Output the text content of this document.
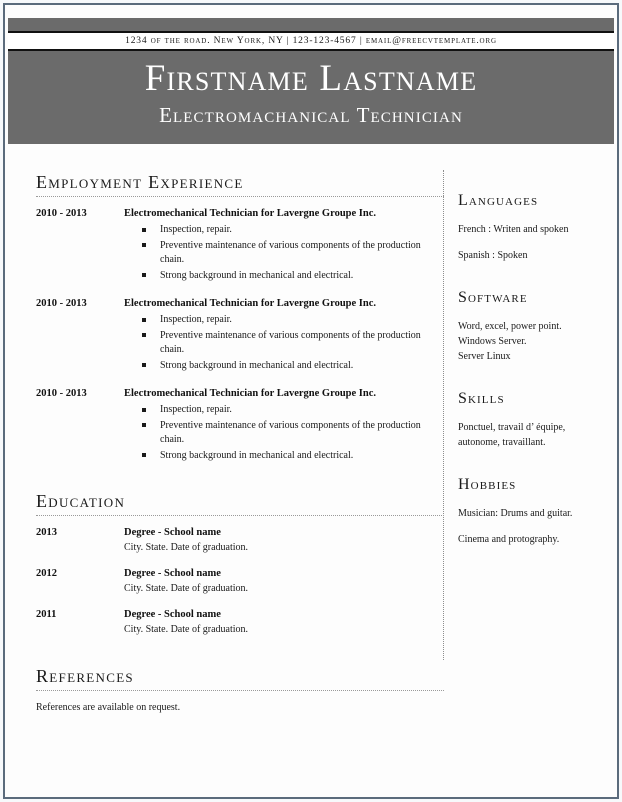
1234 of the road. New York, NY | 123-123-4567 | email@freecvtemplate.org
Firstname Lastname
Electromachanical Technician
Employment Experience
2010 - 2013	Electromechanical Technician for Lavergne Groupe Inc.
Inspection, repair.
Preventive maintenance of various components of the production chain.
Strong background in mechanical and electrical.
2010 - 2013	Electromechanical Technician for Lavergne Groupe Inc.
Inspection, repair.
Preventive maintenance of various components of the production chain.
Strong background in mechanical and electrical.
2010 - 2013	Electromechanical Technician for Lavergne Groupe Inc.
Inspection, repair.
Preventive maintenance of various components of the production chain.
Strong background in mechanical and electrical.
Education
2013	Degree - School name
City. State. Date of graduation.
2012	Degree - School name
City. State. Date of graduation.
2011	Degree - School name
City. State. Date of graduation.
References
References are available on request.
Languages
French : Writen and spoken
Spanish : Spoken
Software
Word, excel, power point.
Windows Server.
Server Linux
Skills
Ponctuel, travail d’ équipe, autonome, travaillant.
Hobbies
Musician: Drums and guitar.
Cinema and protography.
